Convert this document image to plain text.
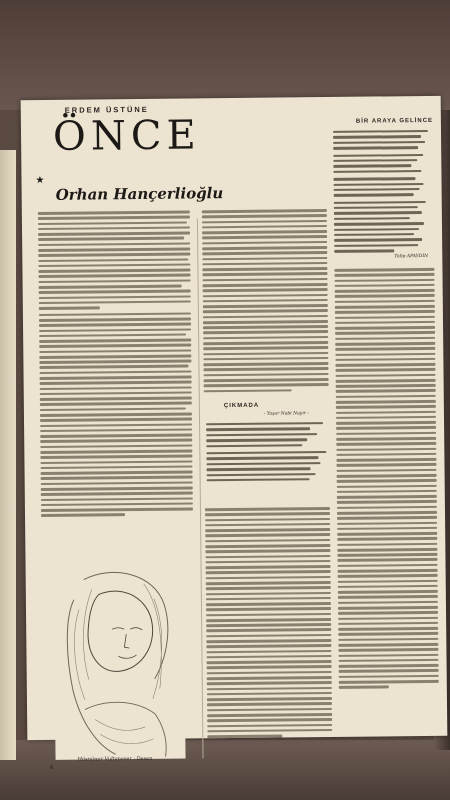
ERDEM ÜSTÜNE
ÖNCE
★
Orhan Hançerlioğlu
Hüsnünur Vultaneser : Desen
4
ÇIKMADA
- Yaşar Nabi Nayır -
BİR ARAYA GELİNCE
Talip APAYDIN
